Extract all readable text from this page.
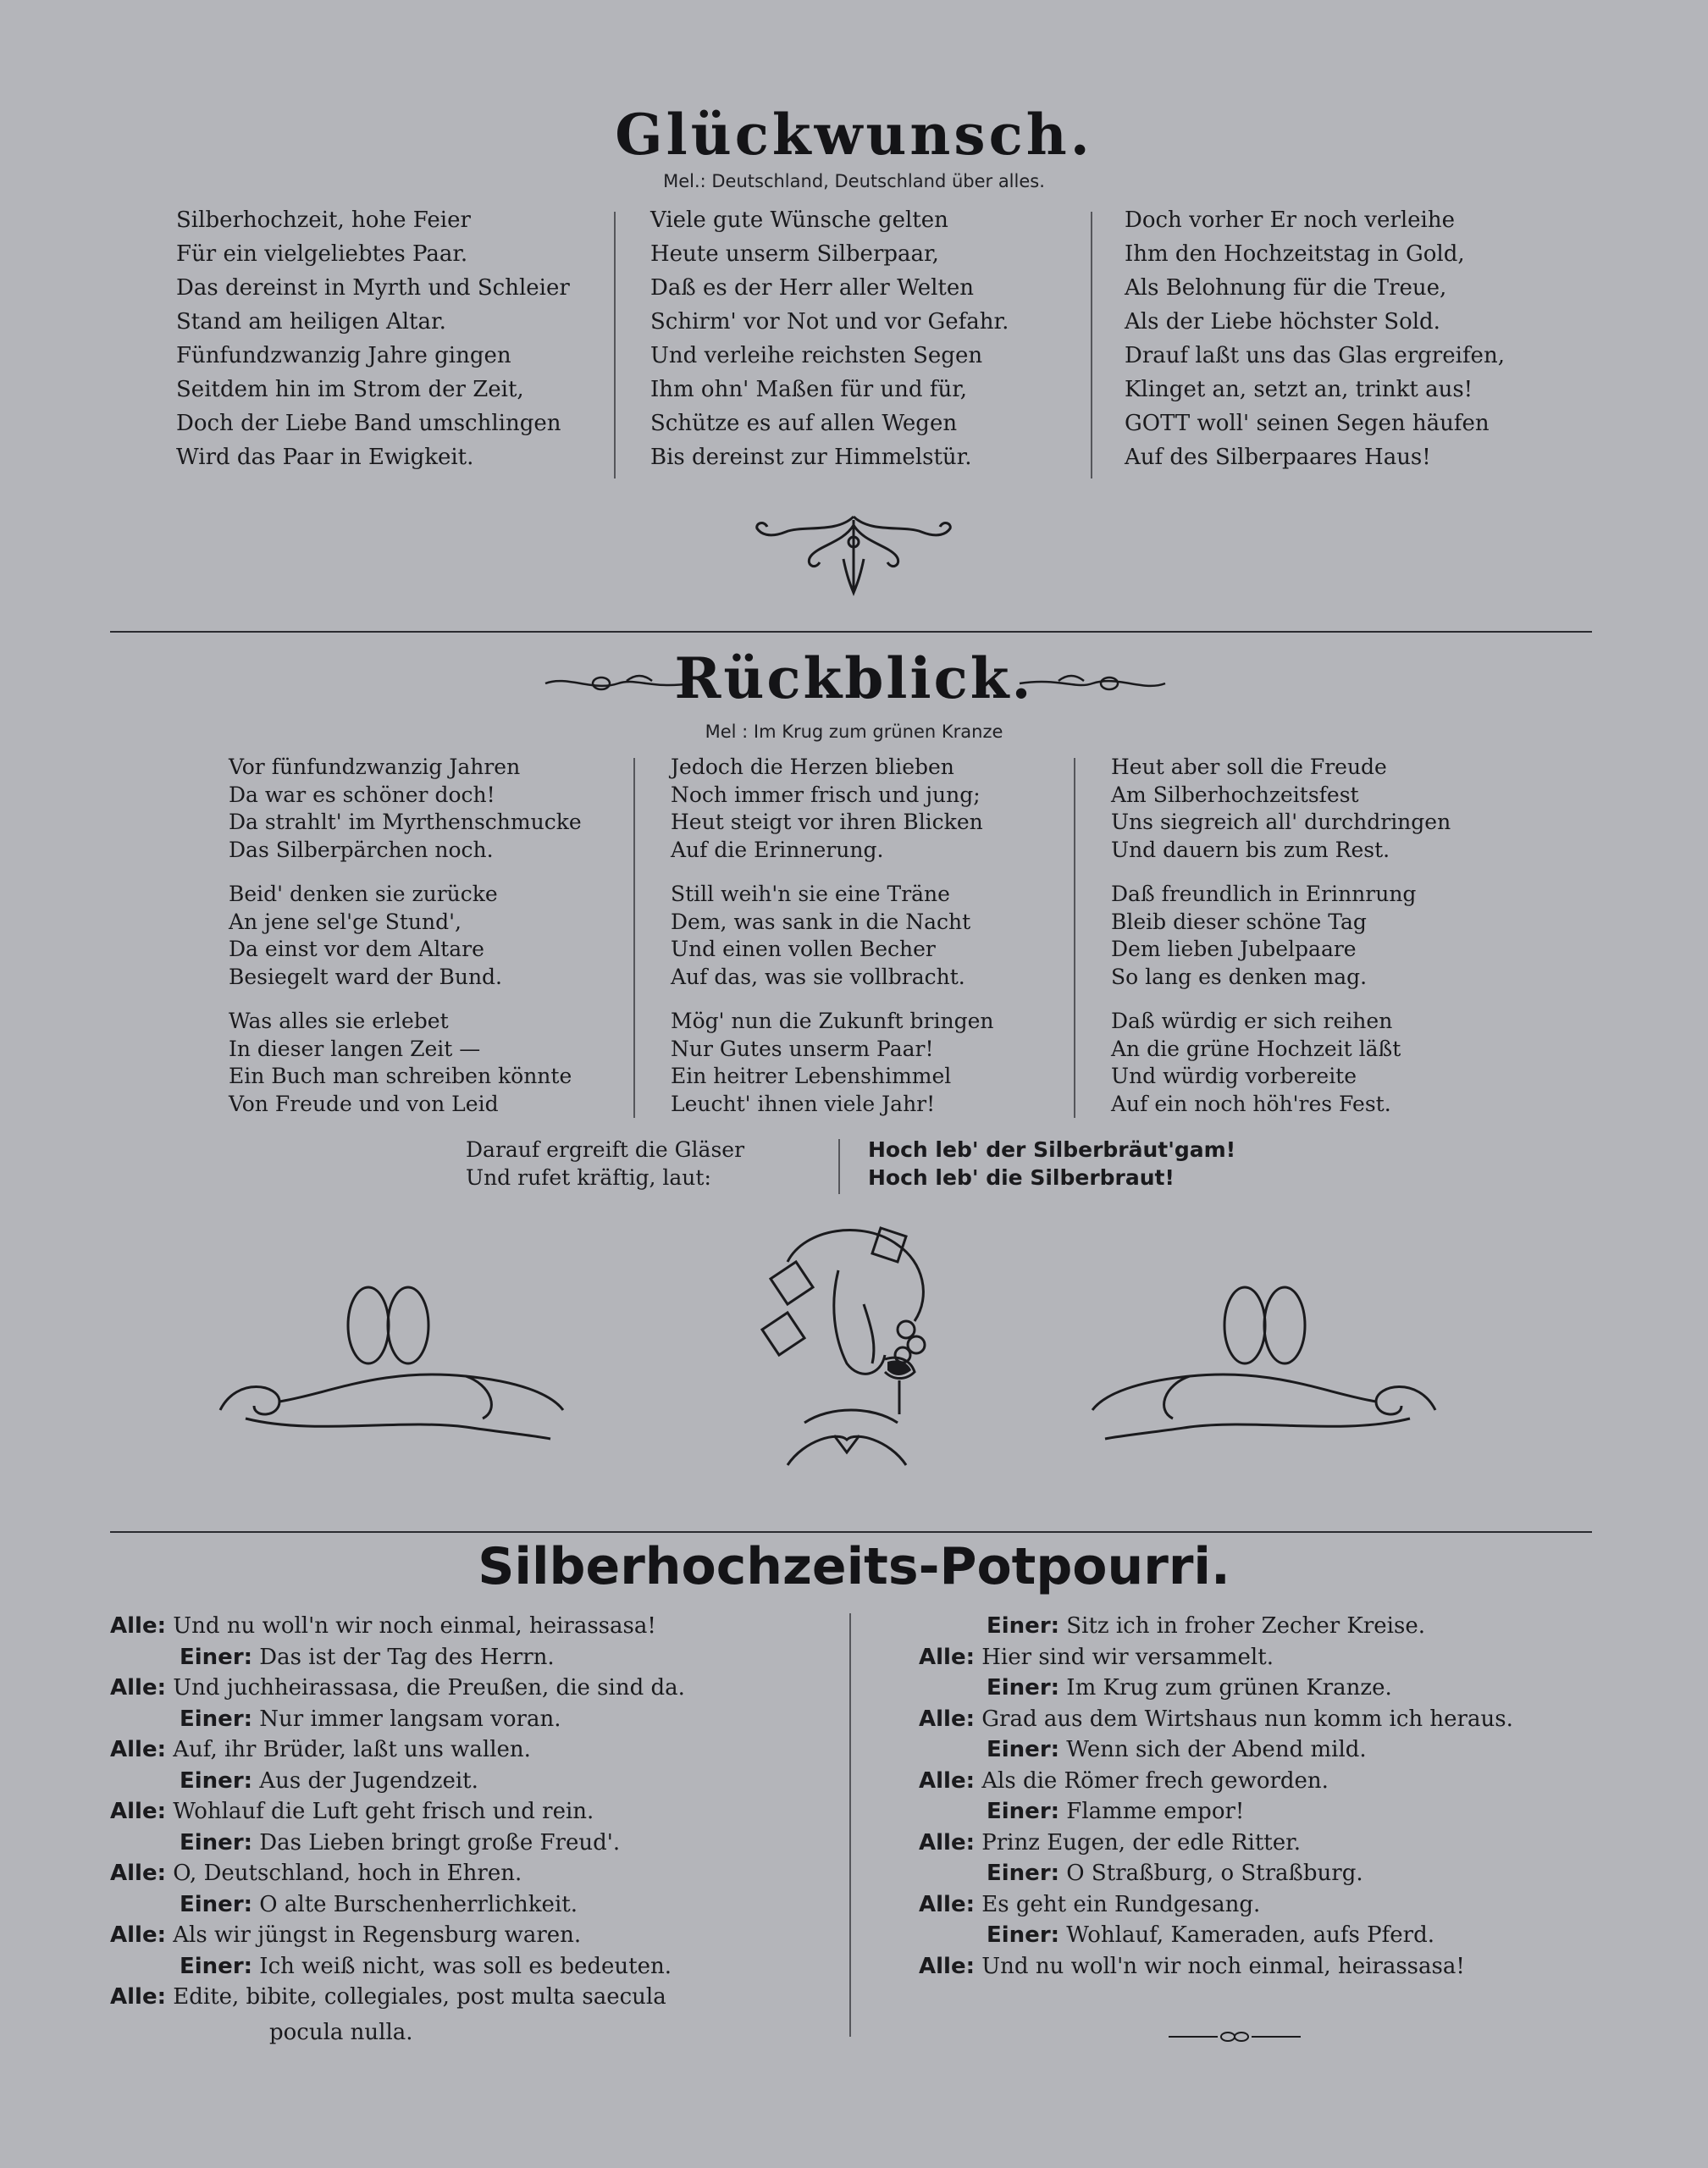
Glückwunsch.
Mel.: Deutschland, Deutschland über alles.
Silberhochzeit, hohe Feier
Für ein vielgeliebtes Paar.
Das dereinst in Myrth und Schleier
Stand am heiligen Altar.
Fünfundzwanzig Jahre gingen
Seitdem hin im Strom der Zeit,
Doch der Liebe Band umschlingen
Wird das Paar in Ewigkeit.
Viele gute Wünsche gelten
Heute unserm Silberpaar,
Daß es der Herr aller Welten
Schirm' vor Not und vor Gefahr.
Und verleihe reichsten Segen
Ihm ohn' Maßen für und für,
Schütze es auf allen Wegen
Bis dereinst zur Himmelstür.
Doch vorher Er noch verleihe
Ihm den Hochzeitstag in Gold,
Als Belohnung für die Treue,
Als der Liebe höchster Sold.
Drauf laßt uns das Glas ergreifen,
Klinget an, setzt an, trinkt aus!
GOTT woll' seinen Segen häufen
Auf des Silberpaares Haus!
Rückblick.
Mel : Im Krug zum grünen Kranze
Vor fünfundzwanzig Jahren
Da war es schöner doch!
Da strahlt' im Myrthenschmucke
Das Silberpärchen noch.
Beid' denken sie zurücke
An jene sel'ge Stund',
Da einst vor dem Altare
Besiegelt ward der Bund.
Was alles sie erlebet
In dieser langen Zeit —
Ein Buch man schreiben könnte
Von Freude und von Leid
Jedoch die Herzen blieben
Noch immer frisch und jung;
Heut steigt vor ihren Blicken
Auf die Erinnerung.
Still weih'n sie eine Träne
Dem, was sank in die Nacht
Und einen vollen Becher
Auf das, was sie vollbracht.
Mög' nun die Zukunft bringen
Nur Gutes unserm Paar!
Ein heitrer Lebenshimmel
Leucht' ihnen viele Jahr!
Heut aber soll die Freude
Am Silberhochzeitsfest
Uns siegreich all' durchdringen
Und dauern bis zum Rest.
Daß freundlich in Erinnrung
Bleib dieser schöne Tag
Dem lieben Jubelpaare
So lang es denken mag.
Daß würdig er sich reihen
An die grüne Hochzeit läßt
Und würdig vorbereite
Auf ein noch höh'res Fest.
Darauf ergreift die Gläser
Und rufet kräftig, laut:
Hoch leb' der Silberbräut'gam!
Hoch leb' die Silberbraut!
Silberhochzeits-Potpourri.
Alle: Und nu woll'n wir noch einmal, heirassasa!
Einer: Das ist der Tag des Herrn.
Alle: Und juchheirassasa, die Preußen, die sind da.
Einer: Nur immer langsam voran.
Alle: Auf, ihr Brüder, laßt uns wallen.
Einer: Aus der Jugendzeit.
Alle: Wohlauf die Luft geht frisch und rein.
Einer: Das Lieben bringt große Freud'.
Alle: O, Deutschland, hoch in Ehren.
Einer: O alte Burschenherrlichkeit.
Alle: Als wir jüngst in Regensburg waren.
Einer: Ich weiß nicht, was soll es bedeuten.
Alle: Edite, bibite, collegiales, post multa saecula
pocula nulla.
Einer: Sitz ich in froher Zecher Kreise.
Alle: Hier sind wir versammelt.
Einer: Im Krug zum grünen Kranze.
Alle: Grad aus dem Wirtshaus nun komm ich heraus.
Einer: Wenn sich der Abend mild.
Alle: Als die Römer frech geworden.
Einer: Flamme empor!
Alle: Prinz Eugen, der edle Ritter.
Einer: O Straßburg, o Straßburg.
Alle: Es geht ein Rundgesang.
Einer: Wohlauf, Kameraden, aufs Pferd.
Alle: Und nu woll'n wir noch einmal, heirassasa!
